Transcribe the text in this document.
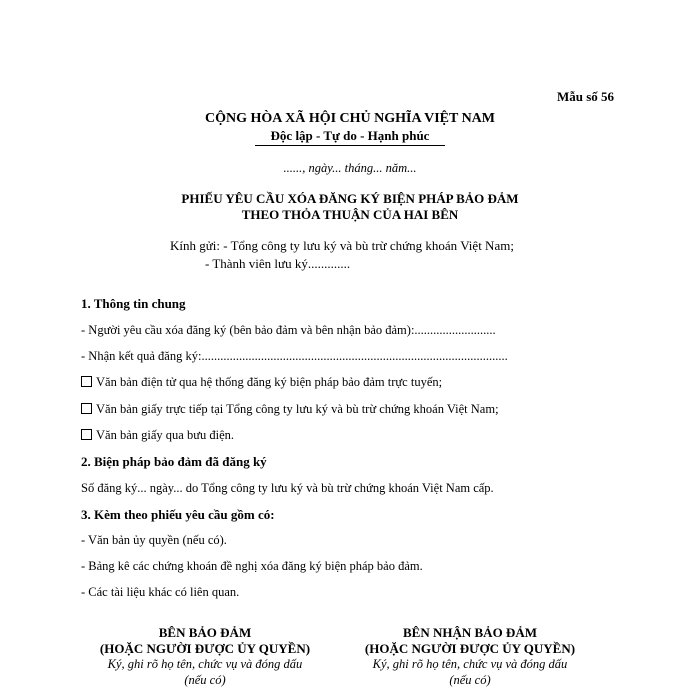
Mẫu số 56
CỘNG HÒA XÃ HỘI CHỦ NGHĨA VIỆT NAM
Độc lập - Tự do - Hạnh phúc
......, ngày... tháng... năm...
PHIẾU YÊU CẦU XÓA ĐĂNG KÝ BIỆN PHÁP BẢO ĐẢM
THEO THỎA THUẬN CỦA HAI BÊN
Kính gửi: - Tổng công ty lưu ký và bù trừ chứng khoán Việt Nam;
- Thành viên lưu ký.............
1. Thông tin chung
- Người yêu cầu xóa đăng ký (bên bảo đảm và bên nhận bảo đảm):..........................
- Nhận kết quả đăng ký:..................................................................................................
Văn bản điện tử qua hệ thống đăng ký biện pháp bảo đảm trực tuyến;
Văn bản giấy trực tiếp tại Tổng công ty lưu ký và bù trừ chứng khoán Việt Nam;
Văn bản giấy qua bưu điện.
2. Biện pháp bảo đảm đã đăng ký
Số đăng ký... ngày... do Tổng công ty lưu ký và bù trừ chứng khoán Việt Nam cấp.
3. Kèm theo phiếu yêu cầu gồm có:
- Văn bản ủy quyền (nếu có).
- Bảng kê các chứng khoán đề nghị xóa đăng ký biện pháp bảo đảm.
- Các tài liệu khác có liên quan.
BÊN BẢO ĐẢM
(HOẶC NGƯỜI ĐƯỢC ỦY QUYỀN)
Ký, ghi rõ họ tên, chức vụ và đóng dấu
(nếu có)
BÊN NHẬN BẢO ĐẢM
(HOẶC NGƯỜI ĐƯỢC ỦY QUYỀN)
Ký, ghi rõ họ tên, chức vụ và đóng dấu
(nếu có)
